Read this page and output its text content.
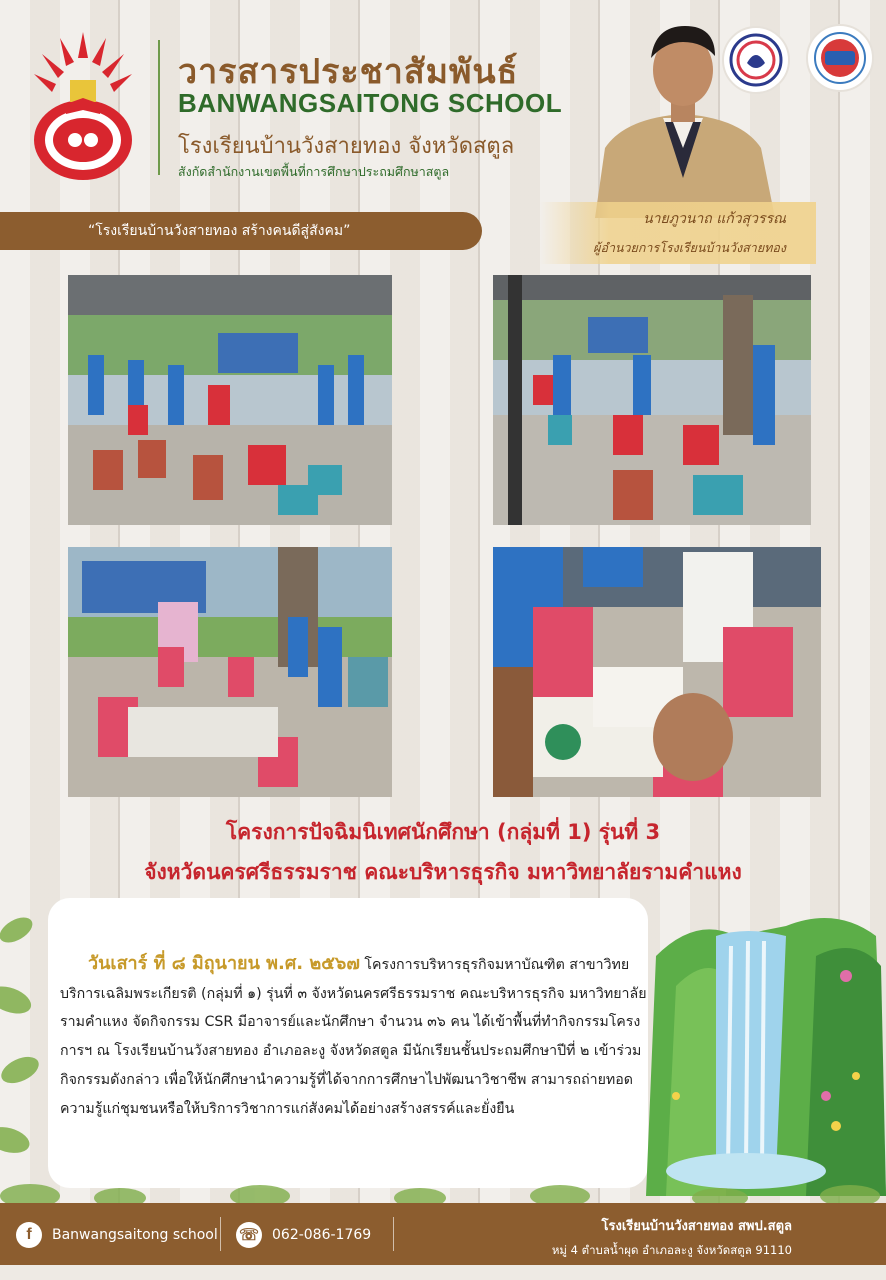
วารสารประชาสัมพันธ์
BANWANGSAITONG SCHOOL
โรงเรียนบ้านวังสายทอง จังหวัดสตูล
สังกัดสำนักงานเขตพื้นที่การศึกษาประถมศึกษาสตูล
“โรงเรียนบ้านวังสายทอง สร้างคนดีสู่สังคม”
นายภูวนาถ แก้วสุวรรณ
ผู้อำนวยการโรงเรียนบ้านวังสายทอง
โครงการปัจฉิมนิเทศนักศึกษา (กลุ่มที่ 1) รุ่นที่ 3
จังหวัดนครศรีธรรมราช คณะบริหารธุรกิจ มหาวิทยาลัยรามคำแหง
วันเสาร์ ที่ ๘ มิถุนายน พ.ศ. ๒๕๖๗ โครงการบริหารธุรกิจมหาบัณฑิต สาขาวิทยบริการเฉลิมพระเกียรติ (กลุ่มที่ ๑) รุ่นที่ ๓ จังหวัดนครศรีธรรมราช คณะบริหารธุรกิจ มหาวิทยาลัยรามคำแหง จัดกิจกรรม CSR มีอาจารย์และนักศึกษา จำนวน ๓๖ คน ได้เข้าพื้นที่ทำกิจกรรมโครงการฯ ณ โรงเรียนบ้านวังสายทอง อำเภอละงู จังหวัดสตูล มีนักเรียนชั้นประถมศึกษาปีที่ ๒ เข้าร่วมกิจกรรมดังกล่าว เพื่อให้นักศึกษานำความรู้ที่ได้จากการศึกษาไปพัฒนาวิชาชีพ สามารถถ่ายทอดความรู้แก่ชุมชนหรือให้บริการวิชาการแก่สังคมได้อย่างสร้างสรรค์และยั่งยืน
f	Banwangsaitong school ☏ 062-086-1769
โรงเรียนบ้านวังสายทอง สพป.สตูล
หมู่ 4 ตำบลน้ำผุด อำเภอละงู จังหวัดสตูล 91110
